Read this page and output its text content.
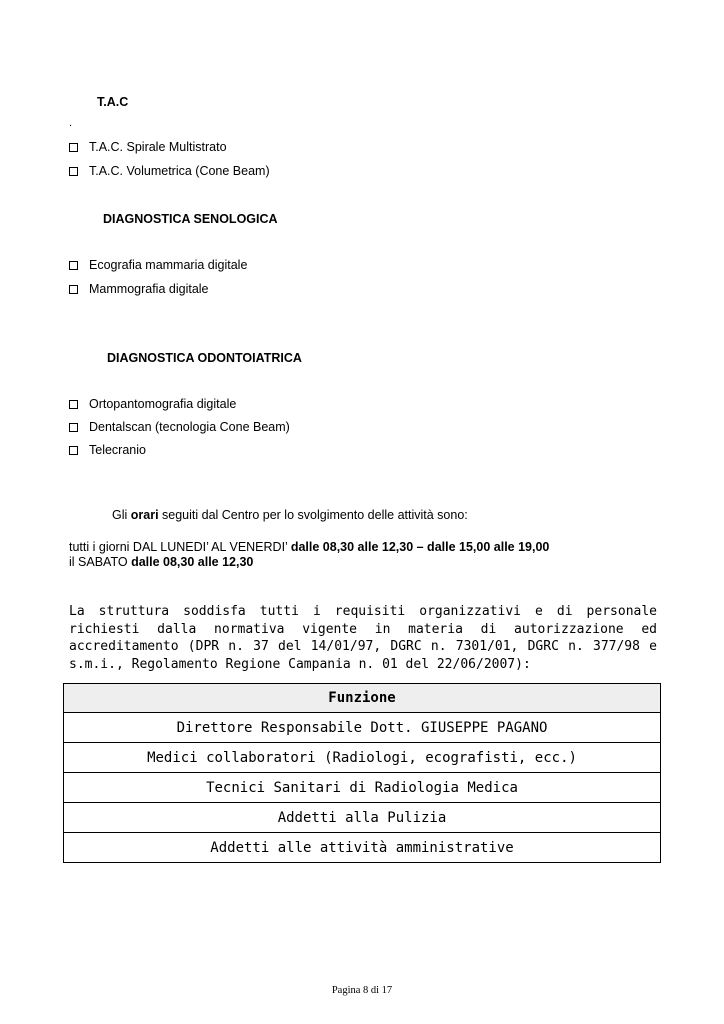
T.A.C
.
T.A.C. Spirale Multistrato
T.A.C. Volumetrica (Cone Beam)
DIAGNOSTICA SENOLOGICA
Ecografia mammaria digitale
Mammografia digitale
DIAGNOSTICA ODONTOIATRICA
Ortopantomografia digitale
Dentalscan (tecnologia Cone Beam)
Telecranio
Gli orari seguiti dal Centro per lo svolgimento delle attività sono:
tutti i giorni DAL LUNEDI’ AL VENERDI’ dalle 08,30 alle 12,30 – dalle 15,00 alle 19,00
il SABATO dalle 08,30 alle 12,30
La struttura soddisfa tutti i requisiti organizzativi e di personale richiesti dalla normativa vigente in materia di autorizzazione ed accreditamento (DPR n. 37 del 14/01/97, DGRC n. 7301/01, DGRC n. 377/98 e s.m.i., Regolamento Regione Campania n. 01 del 22/06/2007):
Funzione
Direttore Responsabile Dott. GIUSEPPE PAGANO
Medici collaboratori (Radiologi, ecografisti, ecc.)
Tecnici Sanitari di Radiologia Medica
Addetti alla Pulizia
Addetti alle attività amministrative
Pagina 8 di 17
